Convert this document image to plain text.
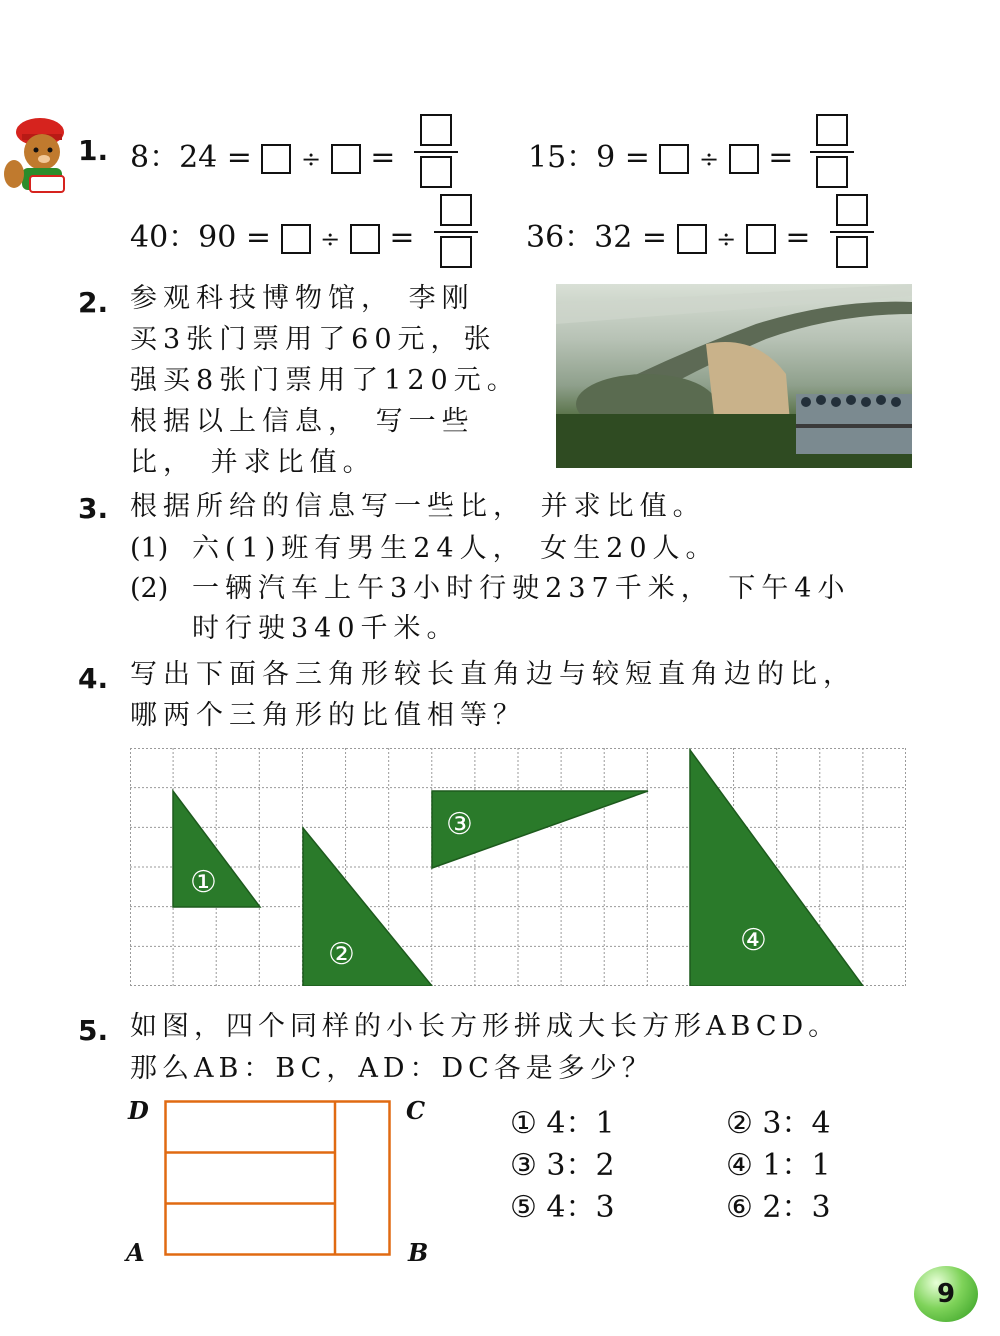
1. 8：24 = ÷ =	15：9 = ÷ =
40：90 = ÷ =	36：32 = ÷ =
2. 参观科技博物馆， 李刚
买3张门票用了60元，张
强买8张门票用了120元。
根据以上信息， 写一些
比， 并求比值。
3. 根据所给的信息写一些比， 并求比值。
(1) 六(1)班有男生24人， 女生20人。
(2) 一辆汽车上午3小时行驶237千米， 下午4小
时行驶340千米。
4. 写出下面各三角形较长直角边与较短直角边的比，
哪两个三角形的比值相等？
①
②
③
④
5. 如图，四个同样的小长方形拼成大长方形ABCD。
那么AB：BC，AD：DC各是多少？
D	C
A	B
① 4：1	② 3：4
③ 3：2	④ 1：1
⑤ 4：3	⑥ 2：3
9
